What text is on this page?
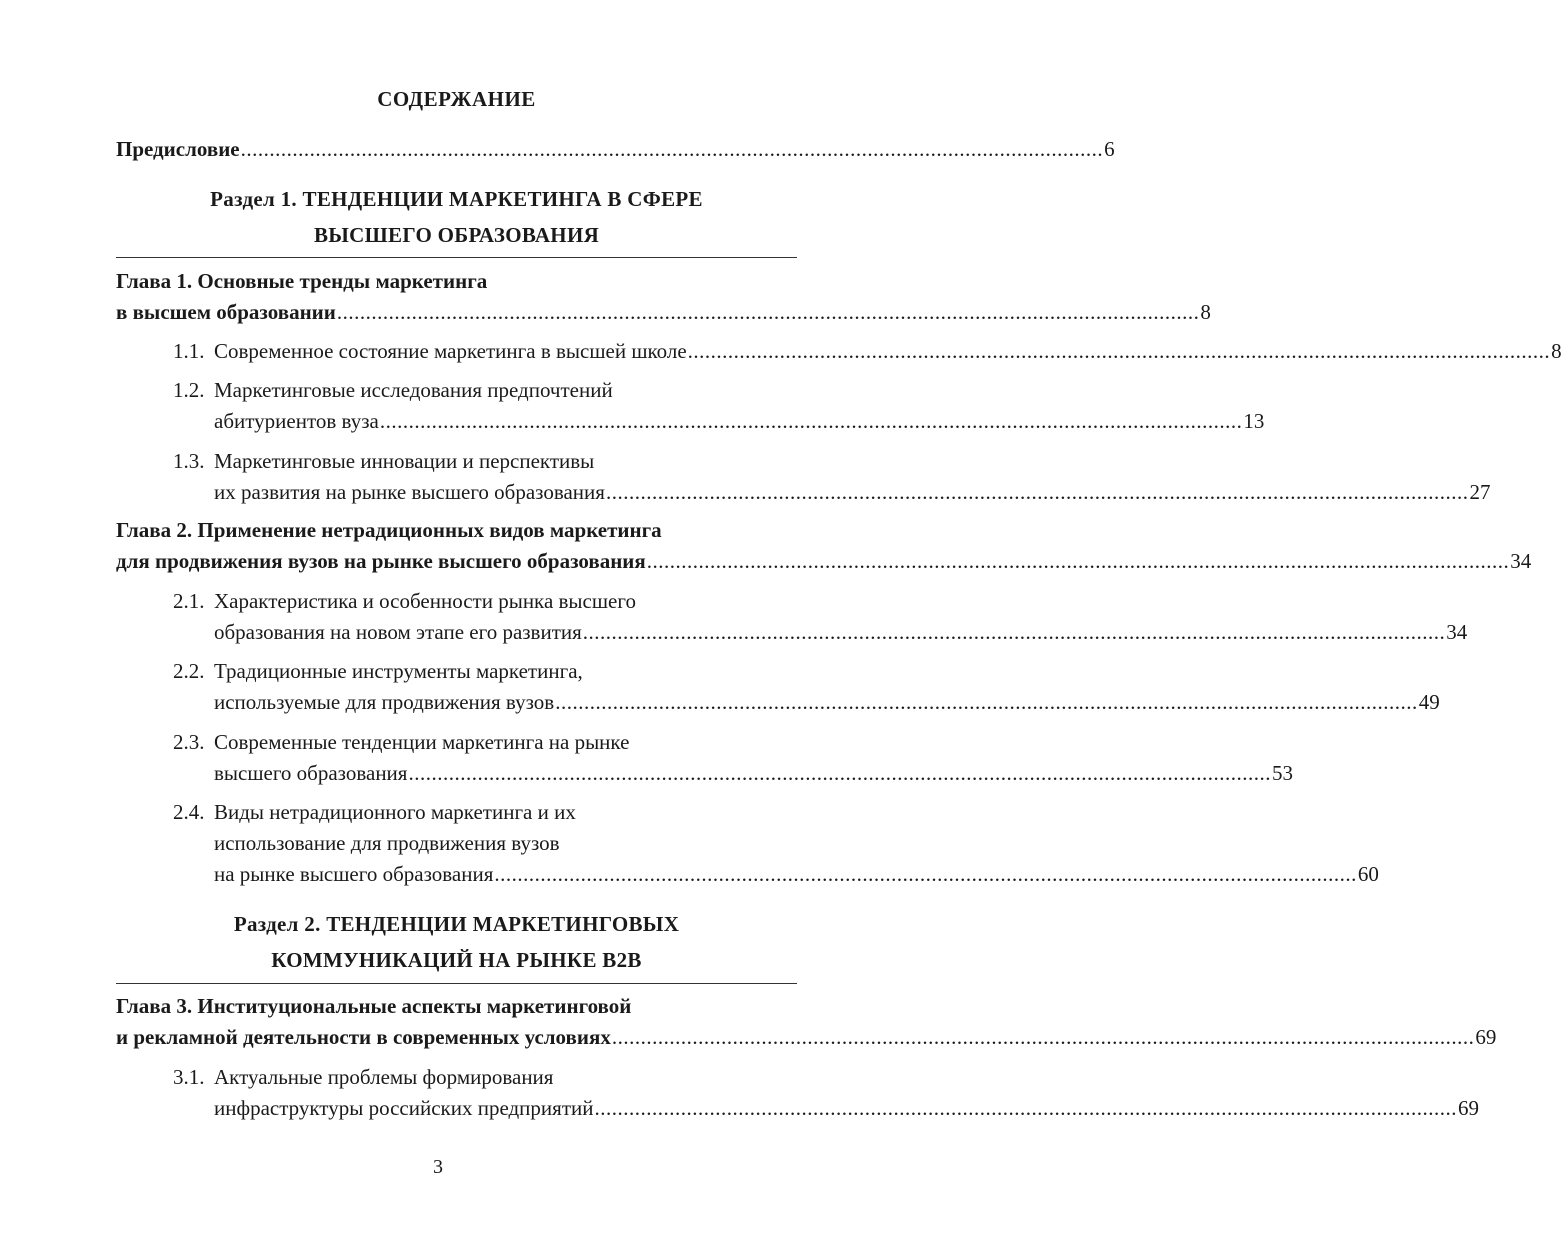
СОДЕРЖАНИЕ
Предисловие ...................................................................................................................................................... 6
Раздел 1. ТЕНДЕНЦИИ МАРКЕТИНГА В СФЕРЕ
ВЫСШЕГО ОБРАЗОВАНИЯ
Глава 1. Основные тренды маркетинга
в высшем образовании ...................................................................................................................................................... 8
1.1. Современное состояние маркетинга в высшей школе ...................................................................................................................................................... 8
1.2. Маркетинговые исследования предпочтений
абитуриентов вуза ...................................................................................................................................................... 13
1.3. Маркетинговые инновации и перспективы
их развития на рынке высшего образования ...................................................................................................................................................... 27
Глава 2. Применение нетрадиционных видов маркетинга
для продвижения вузов на рынке высшего образования ...................................................................................................................................................... 34
2.1. Характеристика и особенности рынка высшего
образования на новом этапе его развития ...................................................................................................................................................... 34
2.2. Традиционные инструменты маркетинга,
используемые для продвижения вузов ...................................................................................................................................................... 49
2.3. Современные тенденции маркетинга на рынке
высшего образования ...................................................................................................................................................... 53
2.4. Виды нетрадиционного маркетинга и их
использование для продвижения вузов
на рынке высшего образования ...................................................................................................................................................... 60
Раздел 2. ТЕНДЕНЦИИ МАРКЕТИНГОВЫХ
КОММУНИКАЦИЙ НА РЫНКЕ B2B
Глава 3. Институциональные аспекты маркетинговой
и рекламной деятельности в современных условиях ...................................................................................................................................................... 69
3.1. Актуальные проблемы формирования
инфраструктуры российских предприятий ...................................................................................................................................................... 69
3
